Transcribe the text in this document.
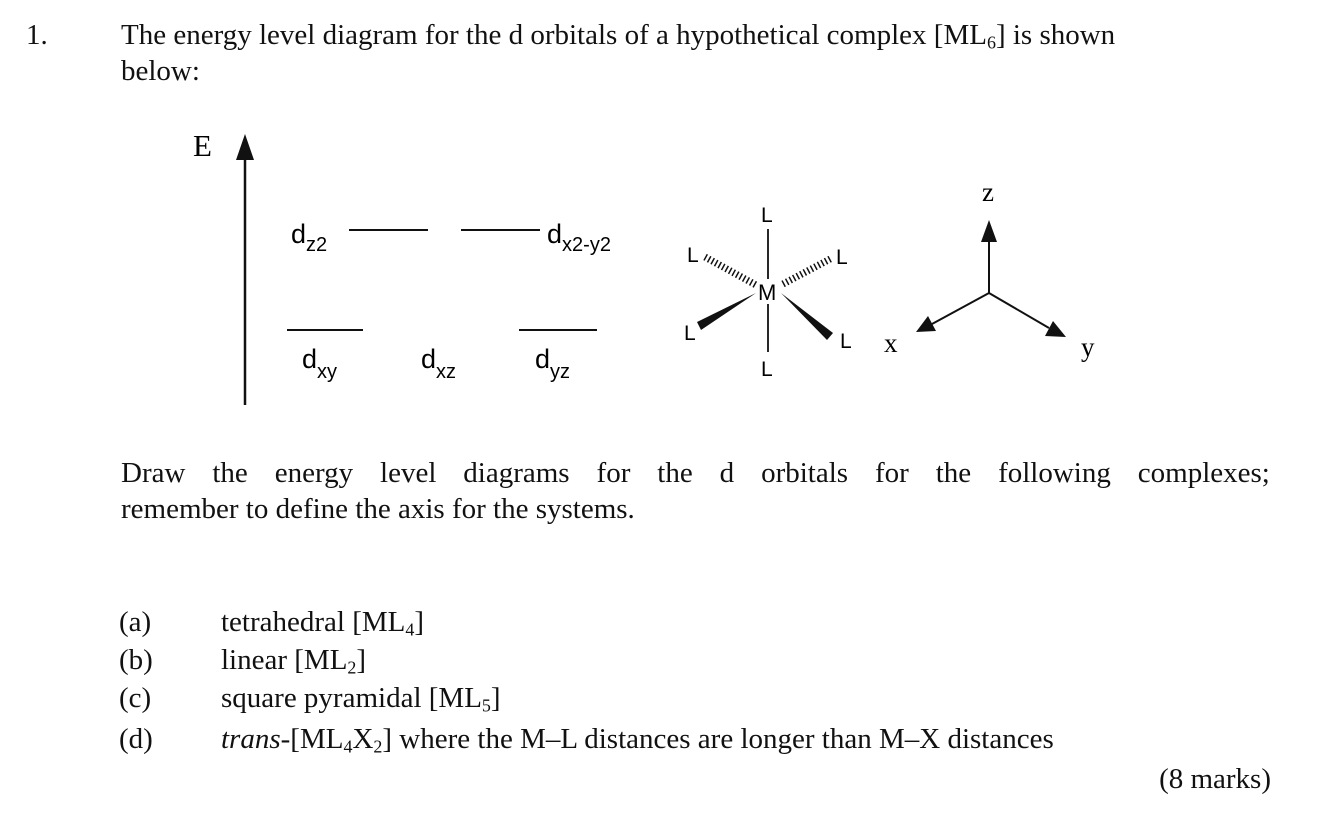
1.	The energy level diagram for the d orbitals of a hypothetical complex $[ML_6]$ is shown
below:
E
$d_{z2}$	$d_{x2-y2}$
$d_{xy}$	$d_{xz}$	$d_{yz}$
M
L
L
L	L
L	L
z
x	y
Draw the energy level diagrams for the d orbitals for the following complexes;
remember to define the axis for the systems.
(a) tetrahedral $[ML_4]$
(b) linear $[ML_2]$
(c) square pyramidal $[ML_5]$
(d) trans-$[ML_4X_2]$ where the M–L distances are longer than M–X distances
(8 marks)
